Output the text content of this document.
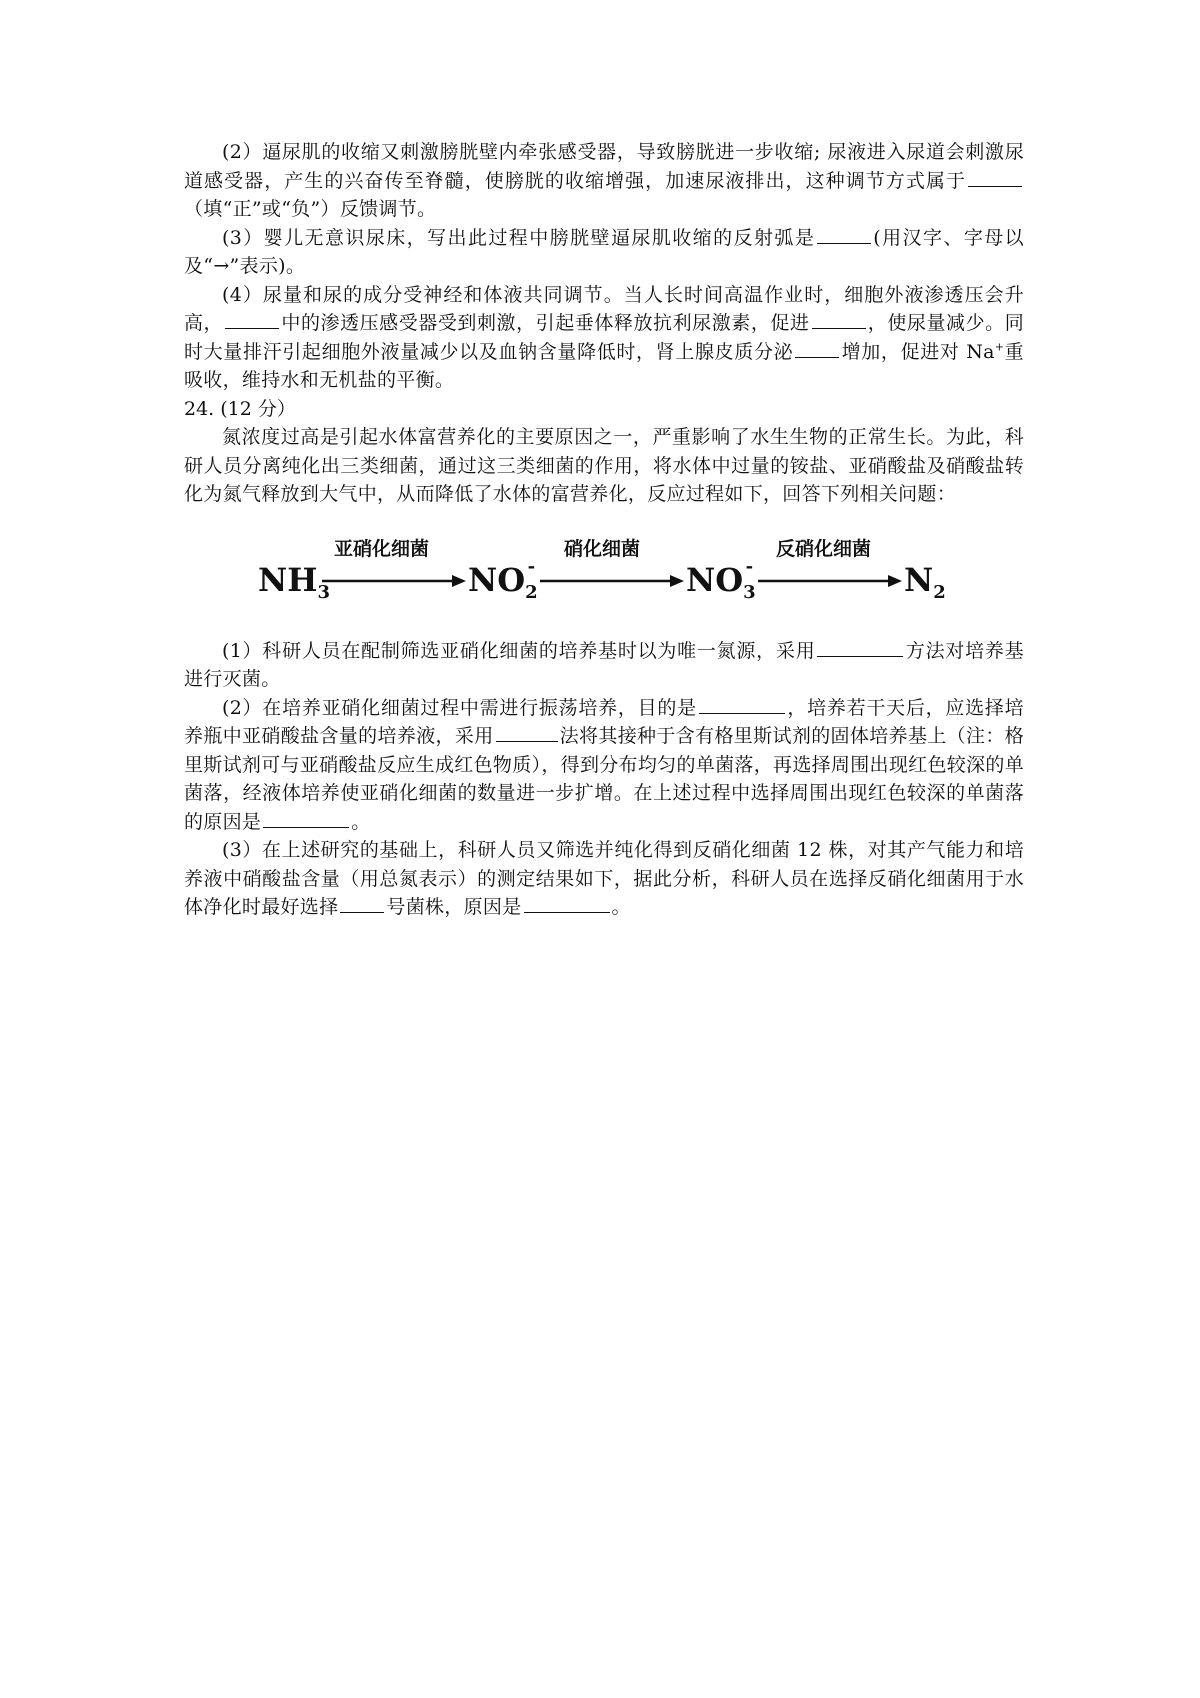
(2）逼尿肌的收缩又刺激膀胱壁内牵张感受器，导致膀胱进一步收缩; 尿液进入尿道会刺激尿道感受器，产生的兴奋传至脊髓，使膀胱的收缩增强，加速尿液排出，这种调节方式属于（填“正”或“负”）反馈调节。

(3）婴儿无意识尿床，写出此过程中膀胱壁逼尿肌收缩的反射弧是	(用汉字、字母以及“→”表示)。

(4）尿量和尿的成分受神经和体液共同调节。当人长时间高温作业时，细胞外液渗透压会升高，	中的渗透压感受器受到刺激，引起垂体释放抗利尿激素，促进	，使尿量减少。同时大量排汗引起细胞外液量减少以及血钠含量降低时，肾上腺皮质分泌	增加，促进对 Na+重吸收，维持水和无机盐的平衡。

24. (12 分）

氮浓度过高是引起水体富营养化的主要原因之一，严重影响了水生生物的正常生长。为此，科研人员分离纯化出三类细菌，通过这三类细菌的作用，将水体中过量的铵盐、亚硝酸盐及硝酸盐转化为氮气释放到大气中，从而降低了水体的富营养化，反应过程如下，回答下列相关问题：

$NH_3$
亚硝化细菌
$NO_2-$
硝化细菌
$NO_3-$
反硝化细菌
$N_2$

(1）科研人员在配制筛选亚硝化细菌的培养基时以为唯一氮源，采用	方法对培养基进行灭菌。

(2）在培养亚硝化细菌过程中需进行振荡培养，目的是	，培养若干天后，应选择培养瓶中亚硝酸盐含量的培养液，采用	法将其接种于含有格里斯试剂的固体培养基上（注：格里斯试剂可与亚硝酸盐反应生成红色物质），得到分布均匀的单菌落，再选择周围出现红色较深的单菌落，经液体培养使亚硝化细菌的数量进一步扩增。在上述过程中选择周围出现红色较深的单菌落的原因是	。

(3）在上述研究的基础上，科研人员又筛选并纯化得到反硝化细菌 12 株，对其产气能力和培养液中硝酸盐含量（用总氮表示）的测定结果如下，据此分析，科研人员在选择反硝化细菌用于水体净化时最好选择	号菌株，原因是	。
